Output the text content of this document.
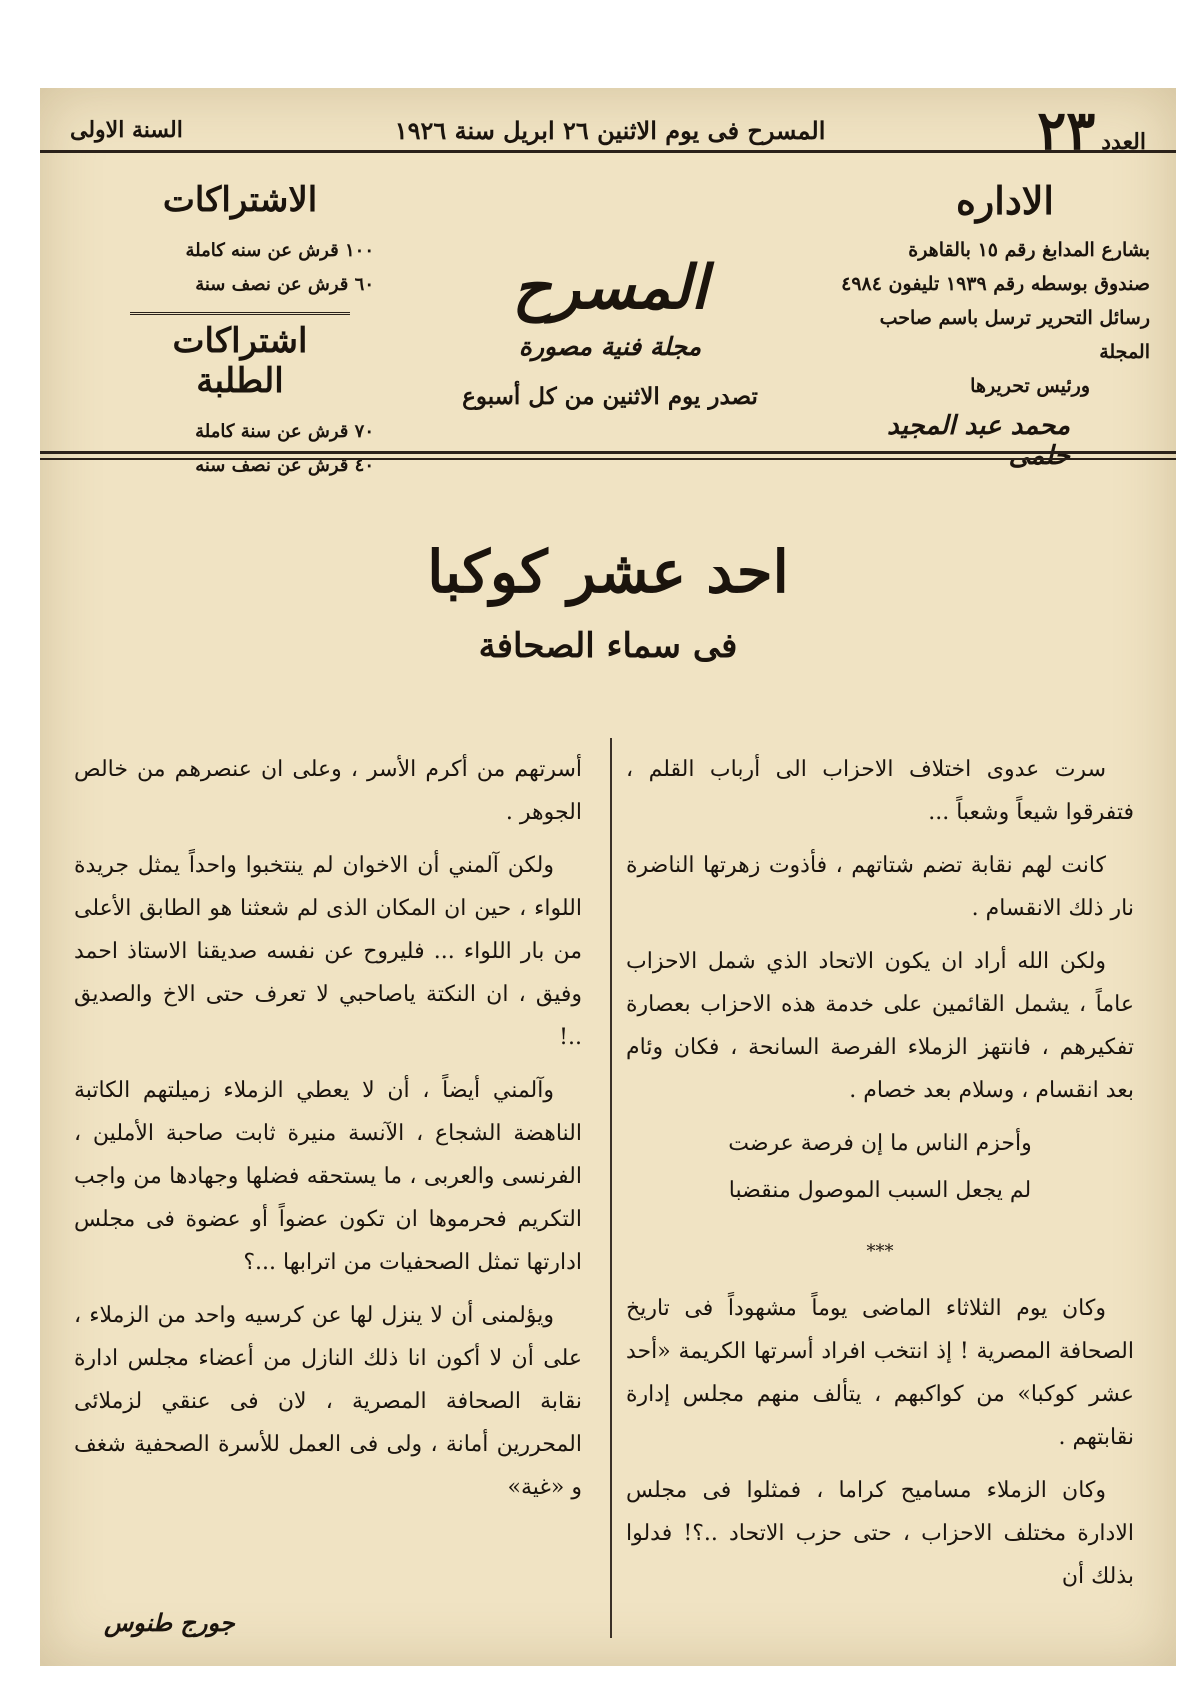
العدد
٢٣
المسرح فى يوم الاثنين ٢٦ ابريل سنة ١٩٢٦
السنة الاولى
الاداره
بشارع المدابغ رقم ١٥ بالقاهرة
صندوق بوسطه رقم ١٩٣٩ تليفون ٤٩٨٤
رسائل التحرير ترسل باسم صاحب المجلة
ورئيس تحريرها
محمد عبد المجيد حلمى
المسرح
مجلة فنية مصورة
تصدر يوم الاثنين من كل أسبوع
الاشتراكات
١٠٠ قرش عن سنه كاملة
٦٠ قرش عن نصف سنة
اشتراكات الطلبة
٧٠ قرش عن سنة كاملة
٤٠ قرش عن نصف سنه
احد عشر كوكبا
فى سماء الصحافة

سرت عدوى اختلاف الاحزاب الى أرباب القلم ، فتفرقوا شيعاً وشعباً ...

كانت لهم نقابة تضم شتاتهم ، فأذوت زهرتها الناضرة نار ذلك الانقسام .

ولكن الله أراد ان يكون الاتحاد الذي شمل الاحزاب عاماً ، يشمل القائمين على خدمة هذه الاحزاب بعصارة تفكيرهم ، فانتهز الزملاء الفرصة السانحة ، فكان وئام بعد انقسام ، وسلام بعد خصام .

وأحزم الناس ما إن فرصة عرضت
لم يجعل السبب الموصول منقضبا
***

وكان يوم الثلاثاء الماضى يوماً مشهوداً فى تاريخ الصحافة المصرية ! إذ انتخب افراد أسرتها الكريمة «أحد عشر كوكبا» من كواكبهم ، يتألف منهم مجلس إدارة نقابتهم .

وكان الزملاء مساميح كراما ، فمثلوا فى مجلس الادارة مختلف الاحزاب ، حتى حزب الاتحاد ..؟! فدلوا بذلك أن

أسرتهم من أكرم الأسر ، وعلى ان عنصرهم من خالص الجوهر .

ولكن آلمني أن الاخوان لم ينتخبوا واحداً يمثل جريدة اللواء ، حين ان المكان الذى لم شعثنا هو الطابق الأعلى من بار اللواء ... فليروح عن نفسه صديقنا الاستاذ احمد وفيق ، ان النكتة ياصاحبي لا تعرف حتى الاخ والصديق ..!

وآلمني أيضاً ، أن لا يعطي الزملاء زميلتهم الكاتبة الناهضة الشجاع ، الآنسة منيرة ثابت صاحبة الأملين ، الفرنسى والعربى ، ما يستحقه فضلها وجهادها من واجب التكريم فحرموها ان تكون عضواً أو عضوة فى مجلس ادارتها تمثل الصحفيات من اترابها ...؟

ويؤلمنى أن لا ينزل لها عن كرسيه واحد من الزملاء ، على أن لا أكون انا ذلك النازل من أعضاء مجلس ادارة نقابة الصحافة المصرية ، لان فى عنقي لزملائى المحررين أمانة ، ولى فى العمل للأسرة الصحفية شغف و «غية»

جورج طنوس
